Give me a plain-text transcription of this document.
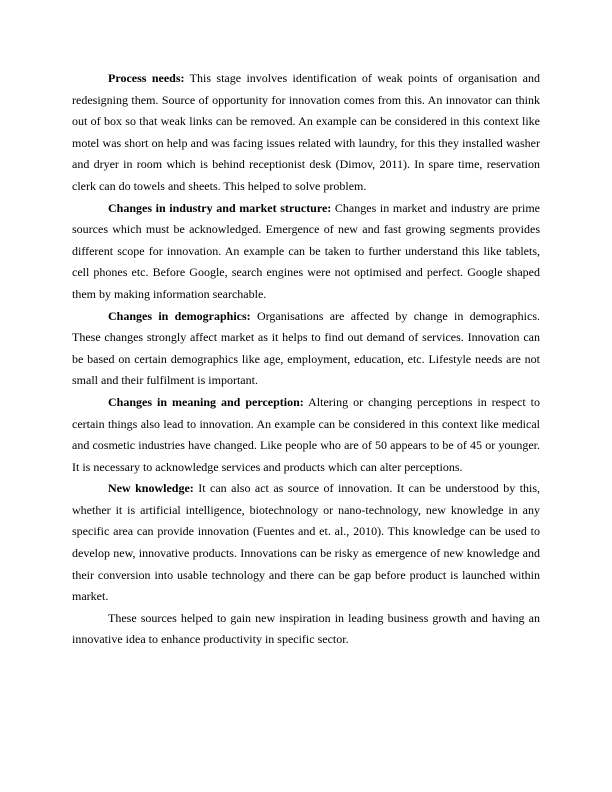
Process needs: This stage involves identification of weak points of organisation and redesigning them. Source of opportunity for innovation comes from this. An innovator can think out of box so that weak links can be removed. An example can be considered in this context like motel was short on help and was facing issues related with laundry, for this they installed washer and dryer in room which is behind receptionist desk (Dimov, 2011). In spare time, reservation clerk can do towels and sheets. This helped to solve problem.

Changes in industry and market structure: Changes in market and industry are prime sources which must be acknowledged. Emergence of new and fast growing segments provides different scope for innovation. An example can be taken to further understand this like tablets, cell phones etc. Before Google, search engines were not optimised and perfect. Google shaped them by making information searchable.

Changes in demographics: Organisations are affected by change in demographics. These changes strongly affect market as it helps to find out demand of services. Innovation can be based on certain demographics like age, employment, education, etc. Lifestyle needs are not small and their fulfilment is important.

Changes in meaning and perception: Altering or changing perceptions in respect to certain things also lead to innovation. An example can be considered in this context like medical and cosmetic industries have changed. Like people who are of 50 appears to be of 45 or younger. It is necessary to acknowledge services and products which can alter perceptions.

New knowledge: It can also act as source of innovation. It can be understood by this, whether it is artificial intelligence, biotechnology or nano-technology, new knowledge in any specific area can provide innovation (Fuentes and et. al., 2010). This knowledge can be used to develop new, innovative products. Innovations can be risky as emergence of new knowledge and their conversion into usable technology and there can be gap before product is launched within market.

These sources helped to gain new inspiration in leading business growth and having an innovative idea to enhance productivity in specific sector.
